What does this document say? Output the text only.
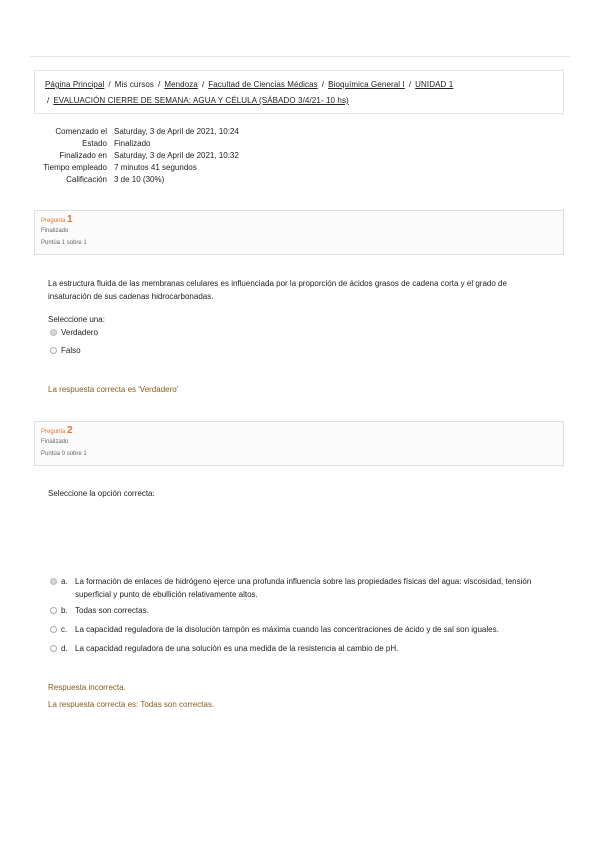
Página Principal / Mis cursos / Mendoza / Facultad de Ciencias Médicas / Bioquímica General I / UNIDAD 1
/ EVALUACIÓN CIERRE DE SEMANA: AGUA Y CÉLULA (SÁBADO 3/4/21- 10 hs)
Comenzado el	Saturday, 3 de April de 2021, 10:24
Estado	Finalizado
Finalizado en	Saturday, 3 de April de 2021, 10:32
Tiempo empleado	7 minutos 41 segundos
Calificación	3 de 10 (30%)
Pregunta 1
Finalizado
Puntúa 1 sobre 1
La estructura fluida de las membranas celulares es influenciada por la proporción de ácidos grasos de cadena corta y el grado de insaturación de sus cadenas hidrocarbonadas.
Seleccione una:
Verdadero
Falso
La respuesta correcta es 'Verdadero'
Pregunta 2
Finalizado
Puntúa 0 sobre 1
Seleccione la opción correcta:
a. La formación de enlaces de hidrógeno ejerce una profunda influencia sobre las propiedades físicas del agua: viscosidad, tensión superficial y punto de ebullición relativamente altos.
b. Todas son correctas.
c. La capacidad reguladora de la disolución tampón es máxima cuando las concentraciones de ácido y de sal son iguales.
d. La capacidad reguladora de una solución es una medida de la resistencia al cambio de pH.
Respuesta incorrecta.
La respuesta correcta es: Todas son correctas.
